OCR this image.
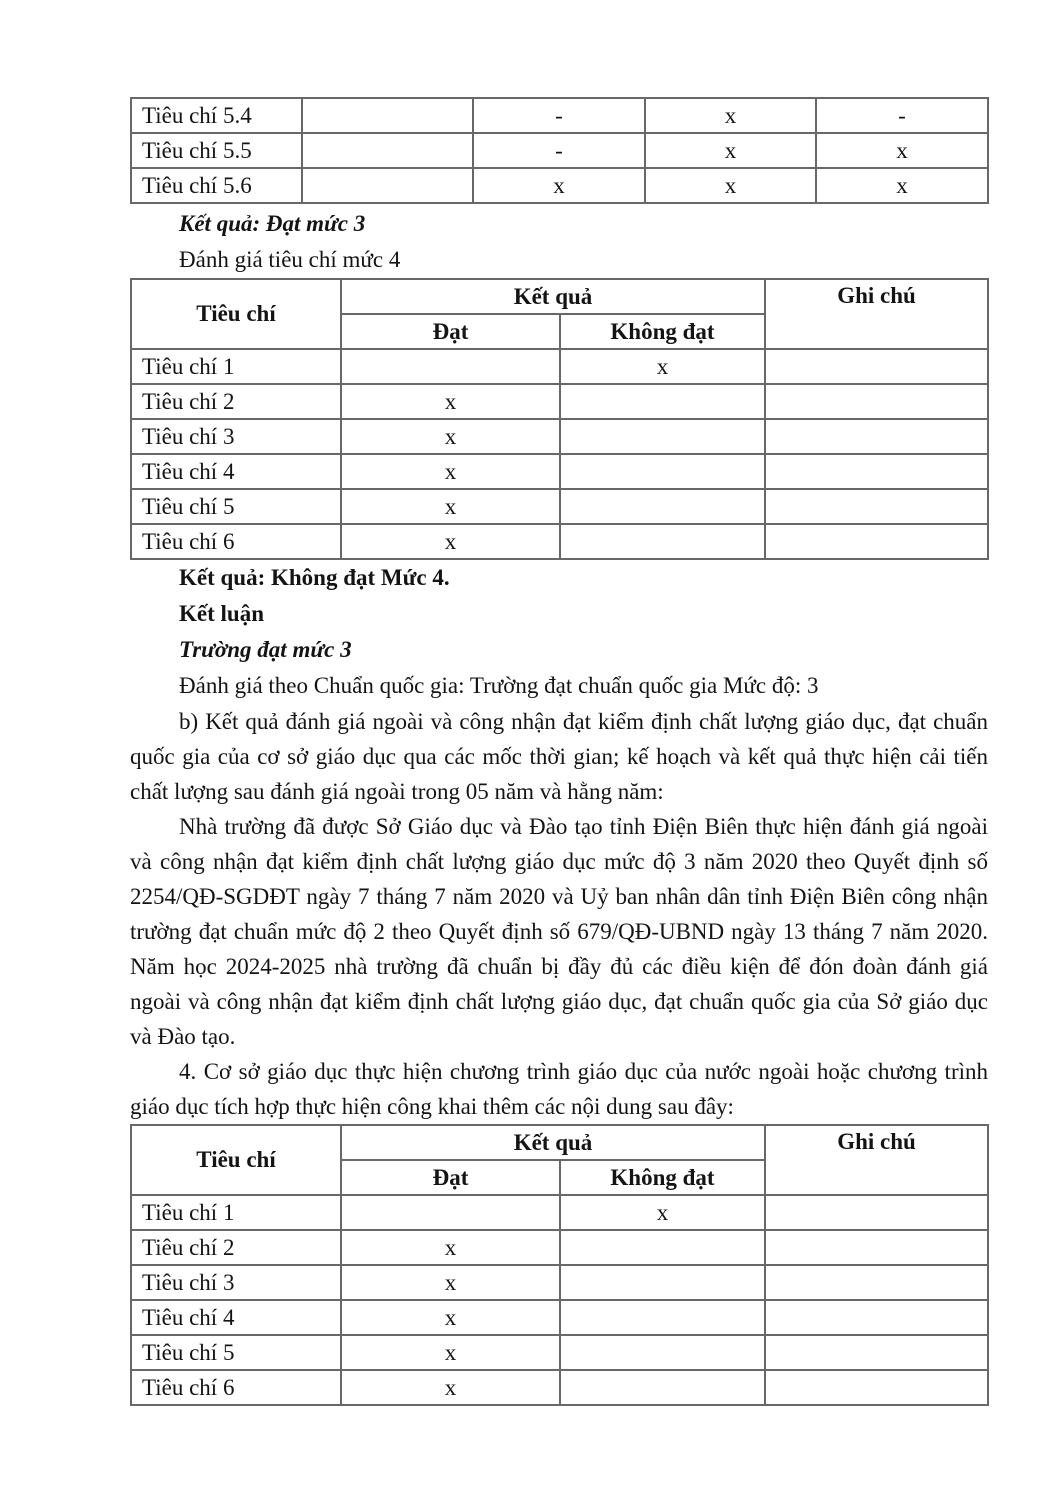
Tiêu chí 5.4		-	x	-
Tiêu chí 5.5		-	x	x
Tiêu chí 5.6		x	x	x
Kết quả: Đạt mức 3
Đánh giá tiêu chí mức 4
Tiêu chí	Kết quả		Ghi chú
	Đạt	Không đạt	
Tiêu chí 1		x	
Tiêu chí 2	x		
Tiêu chí 3	x		
Tiêu chí 4	x		
Tiêu chí 5	x		
Tiêu chí 6	x		
Kết quả: Không đạt Mức 4.
Kết luận
Trường đạt mức 3
Đánh giá theo Chuẩn quốc gia: Trường đạt chuẩn quốc gia Mức độ: 3

b) Kết quả đánh giá ngoài và công nhận đạt kiểm định chất lượng giáo dục, đạt chuẩn quốc gia của cơ sở giáo dục qua các mốc thời gian; kế hoạch và kết quả thực hiện cải tiến chất lượng sau đánh giá ngoài trong 05 năm và hằng năm:

Nhà trường đã được Sở Giáo dục và Đào tạo tỉnh Điện Biên thực hiện đánh giá ngoài và công nhận đạt kiểm định chất lượng giáo dục mức độ 3 năm 2020 theo Quyết định số 2254/QĐ-SGDĐT ngày 7 tháng 7 năm 2020 và Uỷ ban nhân dân tỉnh Điện Biên công nhận trường đạt chuẩn mức độ 2 theo Quyết định số 679/QĐ-UBND ngày 13 tháng 7 năm 2020. Năm học 2024-2025 nhà trường đã chuẩn bị đầy đủ các điều kiện để đón đoàn đánh giá ngoài và công nhận đạt kiểm định chất lượng giáo dục, đạt chuẩn quốc gia của Sở giáo dục và Đào tạo.

4. Cơ sở giáo dục thực hiện chương trình giáo dục của nước ngoài hoặc chương trình giáo dục tích hợp thực hiện công khai thêm các nội dung sau đây:

Tiêu chí	Kết quả		Ghi chú
	Đạt	Không đạt	
Tiêu chí 1		x	
Tiêu chí 2	x		
Tiêu chí 3	x		
Tiêu chí 4	x		
Tiêu chí 5	x		
Tiêu chí 6	x		
